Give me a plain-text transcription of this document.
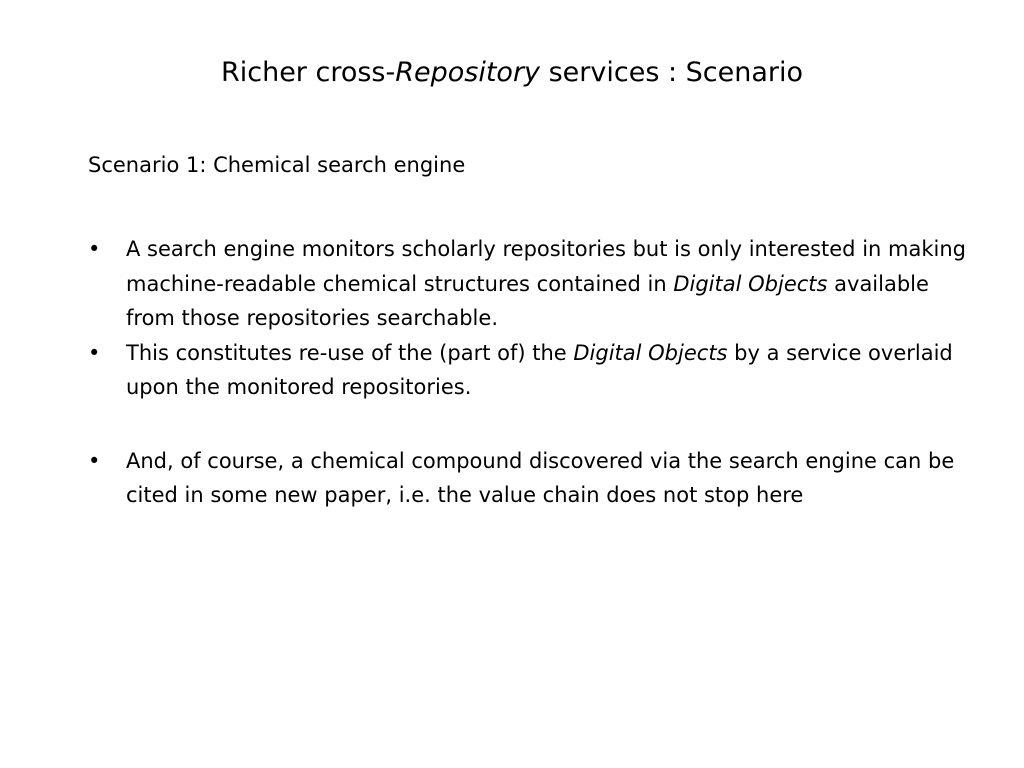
Richer cross-Repository services : Scenario
Scenario 1: Chemical search engine
•	A search engine monitors scholarly repositories but is only interested in making machine-readable chemical structures contained in Digital Objects available from those repositories searchable.
•	This constitutes re-use of the (part of) the Digital Objects by a service overlaid upon the monitored repositories.
•	And, of course, a chemical compound discovered via the search engine can be cited in some new paper, i.e. the value chain does not stop here
